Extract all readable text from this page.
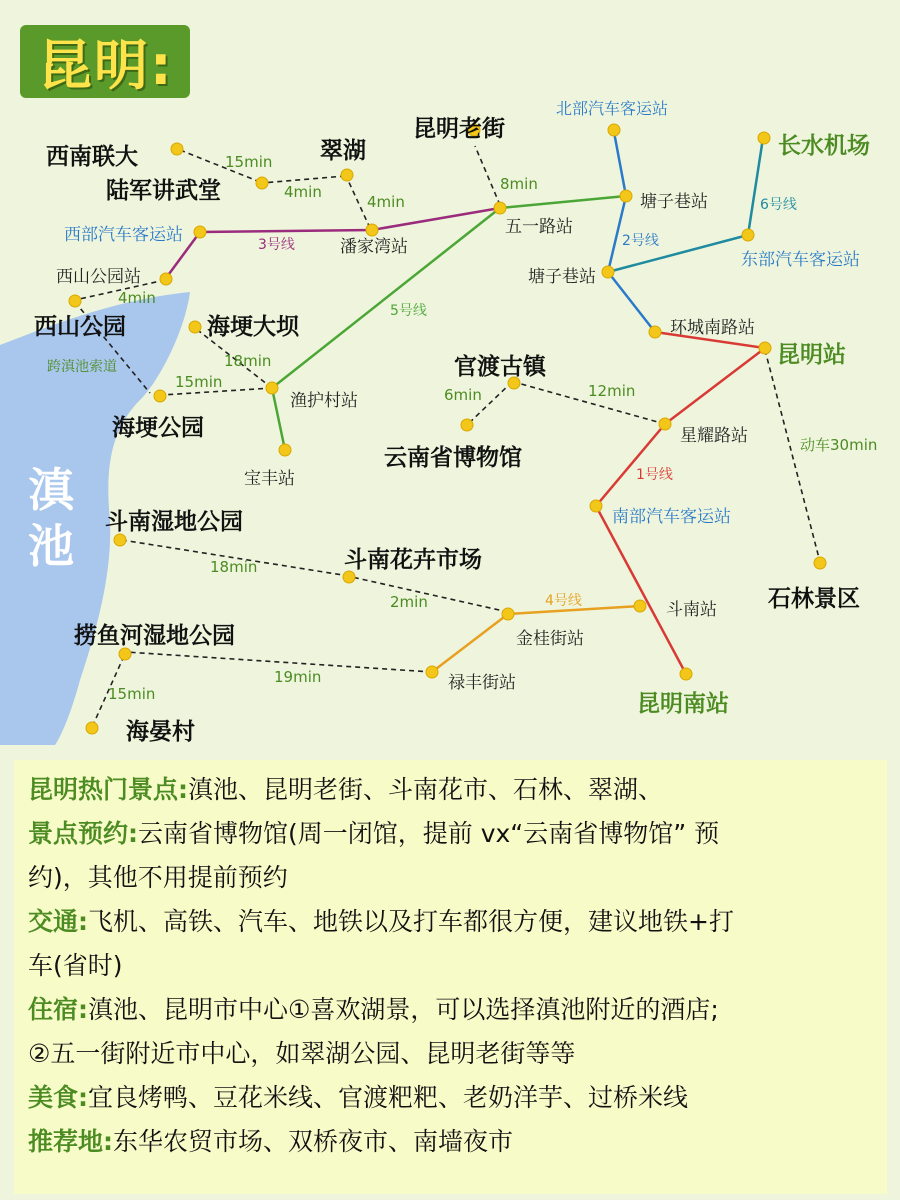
昆明:
滇
池
西南联大
陆军讲武堂
翠湖
昆明老街
北部汽车客运站
长水机场
西部汽车客运站
潘家湾站
五一路站
塘子巷站
东部汽车客运站
塘子巷站
西山公园站
西山公园	海埂大坝	环城南路站
昆明站
官渡古镇
渔护村站
海埂公园	星耀路站
云南省博物馆
宝丰站
南部汽车客运站
斗南湿地公园
斗南花卉市场
石林景区
斗南站
捞鱼河湿地公园	金桂街站
禄丰街站
昆明南站
海晏村
3号线
5号线
2号线
6号线
1号线
4号线
15min
4min
4min
8min
4min
跨滇池索道	18min
15min
6min	12min
动车30min
18min
2min
19min
15min

昆明热门景点:滇池、昆明老街、斗南花市、石林、翠湖、

景点预约:云南省博物馆(周一闭馆，提前 vx“云南省博物馆” 预

约)，其他不用提前预约

交通:飞机、高铁、汽车、地铁以及打车都很方便，建议地铁+打

车(省时)

住宿:滇池、昆明市中心①喜欢湖景，可以选择滇池附近的酒店;

②五一街附近市中心，如翠湖公园、昆明老街等等

美食:宜良烤鸭、豆花米线、官渡粑粑、老奶洋芋、过桥米线

推荐地:东华农贸市场、双桥夜市、南墙夜市
